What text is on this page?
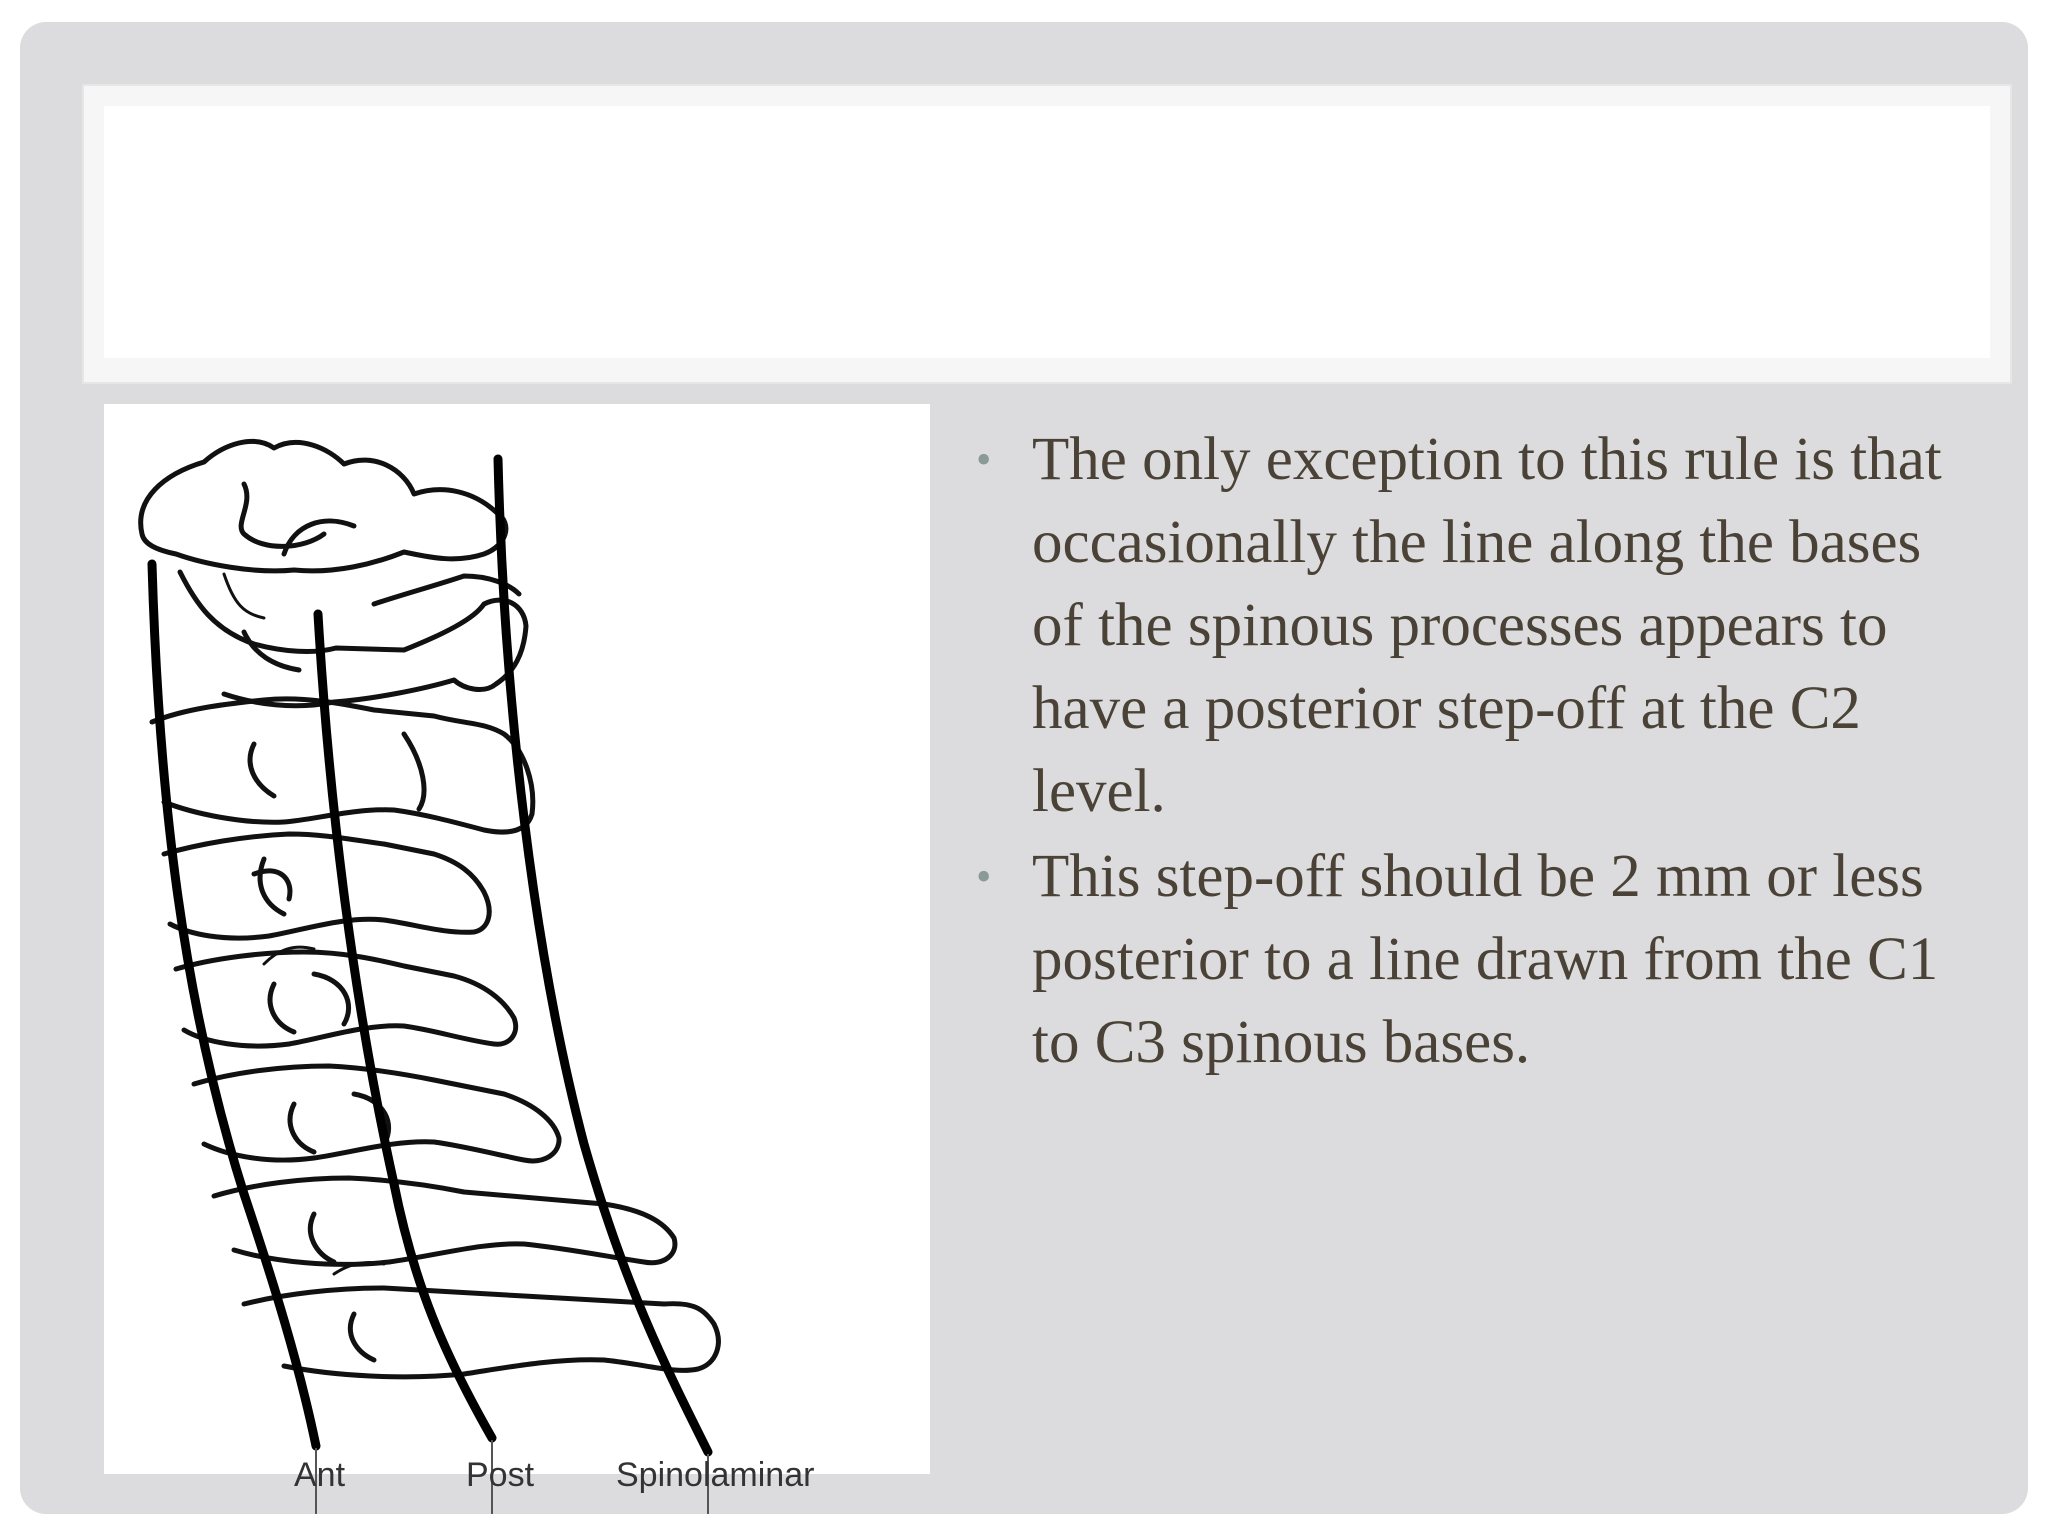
Ant	Post Spinolaminar
• The only exception to this rule is that occasionally the line along the bases of the spinous processes appears to have a posterior step-off at the C2 level.

• This step-off should be 2 mm or less posterior to a line drawn from the C1 to C3 spinous bases.
